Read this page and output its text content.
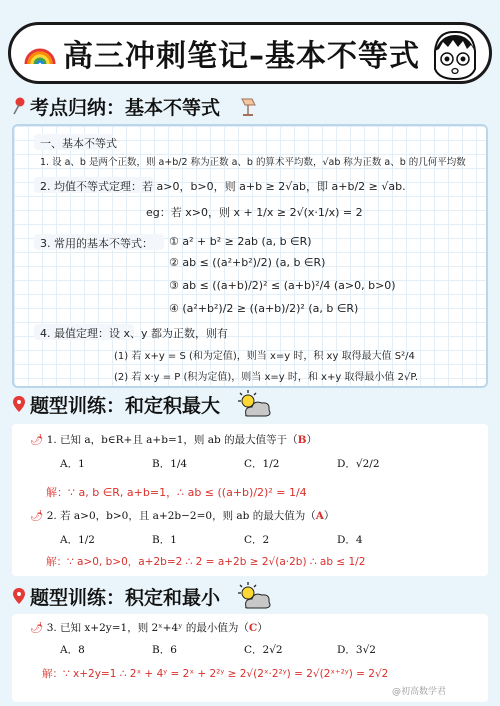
高三冲刺笔记–基本不等式
考点归纳：基本不等式
一、基本不等式
1. 设 a、b 是两个正数，则 a+b/2 称为正数 a、b 的算术平均数，√ab 称为正数 a、b 的几何平均数
2. 均值不等式定理：若 a>0，b>0，则 a+b ≥ 2√ab，即 a+b/2 ≥ √ab.
eg：若 x>0，则 x + 1/x ≥ 2√(x·1/x) = 2
3. 常用的基本不等式： ① a² + b² ≥ 2ab (a, b ∈R)
② ab ≤ ((a²+b²)/2) (a, b ∈R)
③ ab ≤ ((a+b)/2)² ≤ (a+b)²/4 (a>0, b>0)
④ (a²+b²)/2 ≥ ((a+b)/2)² (a, b ∈R)
4. 最值定理：设 x、y 都为正数，则有
(1) 若 x+y = S (和为定值)，则当 x=y 时，积 xy 取得最大值 S²/4
(2) 若 x·y = P (积为定值)，则当 x=y 时，和 x+y 取得最小值 2√P.
题型训练：和定积最大
🌶 1. 已知 a，b∈R+且 a+b=1，则 ab 的最大值等于（B）
A．1	B．1/4	C．1/2	D．√2/2
解：∵ a, b ∈R, a+b=1，∴ ab ≤ ((a+b)/2)² = 1/4
🌶 2. 若 a>0，b>0，且 a+2b−2=0，则 ab 的最大值为（A）
A．1/2	B．1	C．2	D．4
解：∵ a>0, b>0，a+2b=2 ∴ 2 = a+2b ≥ 2√(a·2b) ∴ ab ≤ 1/2
题型训练：积定和最小
🌶 3. 已知 x+2y=1，则 2ˣ+4ʸ 的最小值为（C）
A．8	B．6	C．2√2	D．3√2
解：∵ x+2y=1 ∴ 2ˣ + 4ʸ = 2ˣ + 2²ʸ ≥ 2√(2ˣ·2²ʸ) = 2√(2ˣ⁺²ʸ) = 2√2
@初高数学君
